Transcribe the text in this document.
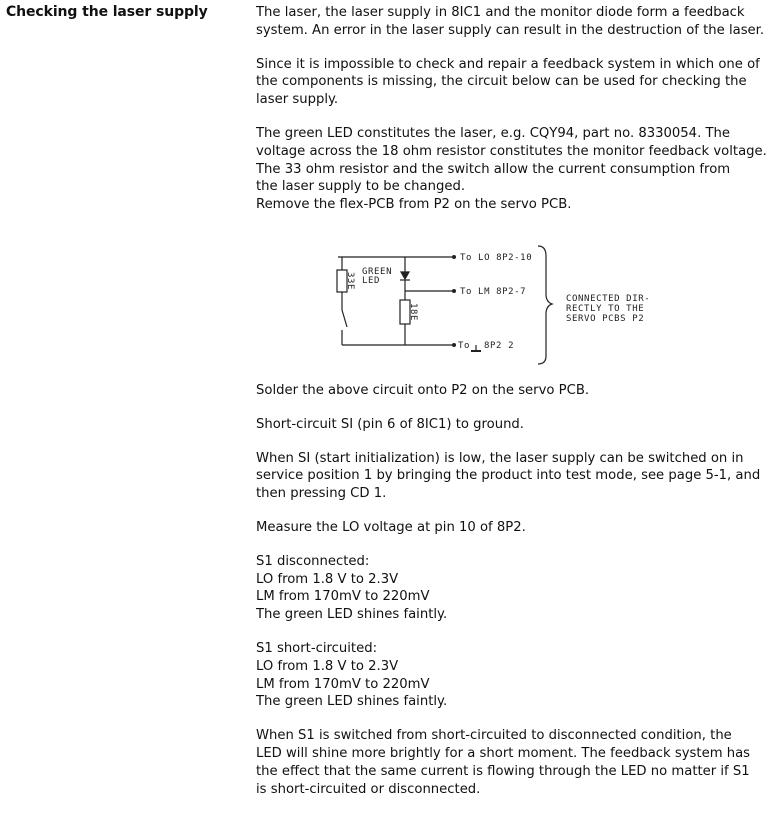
Checking the laser supply	The laser, the laser supply in 8IC1 and the monitor diode form a feedback
system. An error in the laser supply can result in the destruction of the laser.

Since it is impossible to check and repair a feedback system in which one of
the components is missing, the circuit below can be used for checking the
laser supply.

The green LED constitutes the laser, e.g. CQY94, part no. 8330054. The
voltage across the 18 ohm resistor constitutes the monitor feedback voltage.
The 33 ohm resistor and the switch allow the current consumption from
the laser supply to be changed.
Remove the flex-PCB from P2 on the servo PCB.

33E
18E
GREEN
LED
To LO 8P2-10
To LM 8P2-7
To 8P2 2
CONNECTED DIR-
RECTLY TO THE
SERVO PCBS P2

Solder the above circuit onto P2 on the servo PCB.

Short-circuit SI (pin 6 of 8IC1) to ground.

When SI (start initialization) is low, the laser supply can be switched on in
service position 1 by bringing the product into test mode, see page 5-1, and
then pressing CD 1.

Measure the LO voltage at pin 10 of 8P2.

S1 disconnected:
LO from 1.8 V to 2.3V
LM from 170mV to 220mV
The green LED shines faintly.

S1 short-circuited:
LO from 1.8 V to 2.3V
LM from 170mV to 220mV
The green LED shines faintly.

When S1 is switched from short-circuited to disconnected condition, the
LED will shine more brightly for a short moment. The feedback system has
the effect that the same current is flowing through the LED no matter if S1
is short-circuited or disconnected.
